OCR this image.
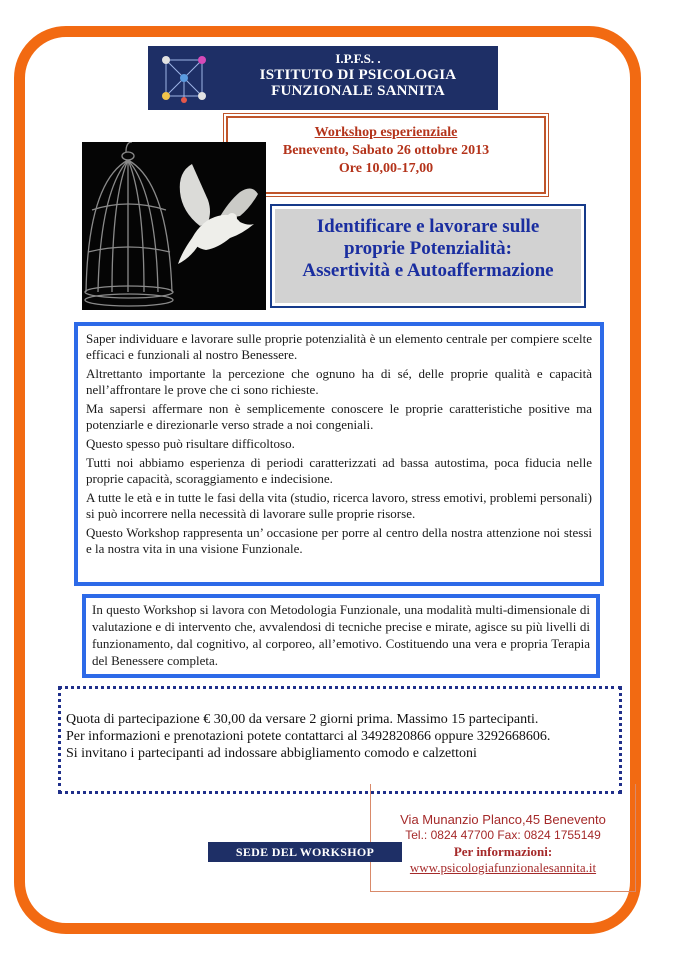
I.P.F.S. .
ISTITUTO DI PSICOLOGIA
FUNZIONALE SANNITA
Workshop esperienziale
Benevento, Sabato 26 ottobre 2013
Ore 10,00-17,00
Identificare e lavorare sulle
proprie Potenzialità:
Assertività e Autoaffermazione

Saper individuare e lavorare sulle proprie potenzialità è un elemento centrale per compiere scelte efficaci e funzionali al nostro Benessere.

Altrettanto importante la percezione che ognuno ha di sé, delle proprie qualità e capacità nell’affrontare le prove che ci sono richieste.

Ma sapersi affermare non è semplicemente conoscere le proprie caratteristiche positive ma potenziarle e direzionarle verso strade a noi congeniali.

Questo spesso può risultare difficoltoso.

Tutti noi abbiamo esperienza di periodi caratterizzati ad bassa autostima, poca fiducia nelle proprie capacità, scoraggiamento e indecisione.

A tutte le età e in tutte le fasi della vita (studio, ricerca lavoro, stress emotivi, problemi personali) si può incorrere nella necessità di lavorare sulle proprie risorse.

Questo Workshop rappresenta un’ occasione per porre al centro della nostra attenzione noi stessi e la nostra vita in una visione Funzionale.

In questo Workshop si lavora con Metodologia Funzionale, una modalità multi-dimensionale di valutazione e di intervento che, avvalendosi di tecniche precise e mirate, agisce su più livelli di funzionamento, dal cognitivo, al corporeo, all’emotivo. Costituendo una vera e propria Terapia del Benessere completa.

Quota di partecipazione € 30,00 da versare 2 giorni prima. Massimo 15 partecipanti.

Per informazioni e prenotazioni potete contattarci al 3492820866 oppure 3292668606.

Si invitano i partecipanti ad indossare abbigliamento comodo e calzettoni

Via Munanzio Planco,45 Benevento
Tel.: 0824 47700 Fax: 0824 1755149
Per informazioni:
www.psicologiafunzionalesannita.it
SEDE DEL WORKSHOP
